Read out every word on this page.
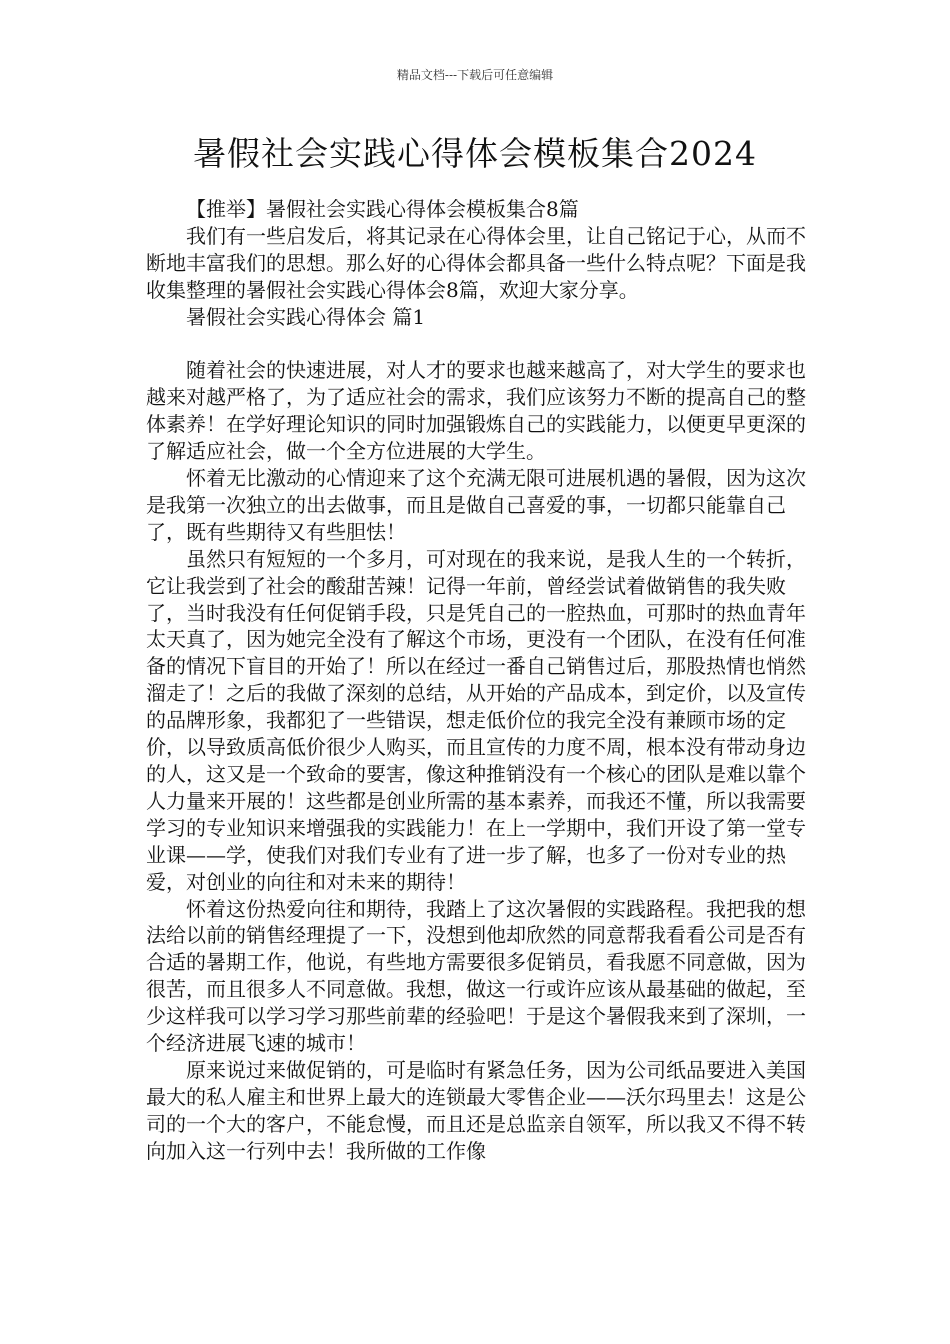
精品文档---下载后可任意编辑
暑假社会实践心得体会模板集合2024

【推举】暑假社会实践心得体会模板集合8篇

我们有一些启发后，将其记录在心得体会里，让自己铭记于心，从而不断地丰富我们的思想。那么好的心得体会都具备一些什么特点呢？下面是我收集整理的暑假社会实践心得体会8篇，欢迎大家分享。

暑假社会实践心得体会 篇1

随着社会的快速进展，对人才的要求也越来越高了，对大学生的要求也越来对越严格了，为了适应社会的需求，我们应该努力不断的提高自己的整体素养！在学好理论知识的同时加强锻炼自己的实践能力，以便更早更深的了解适应社会，做一个全方位进展的大学生。

怀着无比激动的心情迎来了这个充满无限可进展机遇的暑假，因为这次是我第一次独立的出去做事，而且是做自己喜爱的事，一切都只能靠自己了，既有些期待又有些胆怯！

虽然只有短短的一个多月，可对现在的我来说，是我人生的一个转折，它让我尝到了社会的酸甜苦辣！记得一年前，曾经尝试着做销售的我失败了，当时我没有任何促销手段，只是凭自己的一腔热血，可那时的热血青年太天真了，因为她完全没有了解这个市场，更没有一个团队，在没有任何准备的情况下盲目的开始了！所以在经过一番自己销售过后，那股热情也悄然溜走了！之后的我做了深刻的总结，从开始的产品成本，到定价，以及宣传的品牌形象，我都犯了一些错误，想走低价位的我完全没有兼顾市场的定价，以导致质高低价很少人购买，而且宣传的力度不周，根本没有带动身边的人，这又是一个致命的要害，像这种推销没有一个核心的团队是难以靠个人力量来开展的！这些都是创业所需的基本素养，而我还不懂，所以我需要学习的专业知识来增强我的实践能力！在上一学期中，我们开设了第一堂专业课——学，使我们对我们专业有了进一步了解，也多了一份对专业的热爱，对创业的向往和对未来的期待！

怀着这份热爱向往和期待，我踏上了这次暑假的实践路程。我把我的想法给以前的销售经理提了一下，没想到他却欣然的同意帮我看看公司是否有合适的暑期工作，他说，有些地方需要很多促销员，看我愿不同意做，因为很苦，而且很多人不同意做。我想，做这一行或许应该从最基础的做起，至少这样我可以学习学习那些前辈的经验吧！于是这个暑假我来到了深圳，一个经济进展飞速的城市！

原来说过来做促销的，可是临时有紧急任务，因为公司纸品要进入美国最大的私人雇主和世界上最大的连锁最大零售企业——沃尔玛里去！这是公司的一个大的客户，不能怠慢，而且还是总监亲自领军，所以我又不得不转向加入这一行列中去！我所做的工作像
